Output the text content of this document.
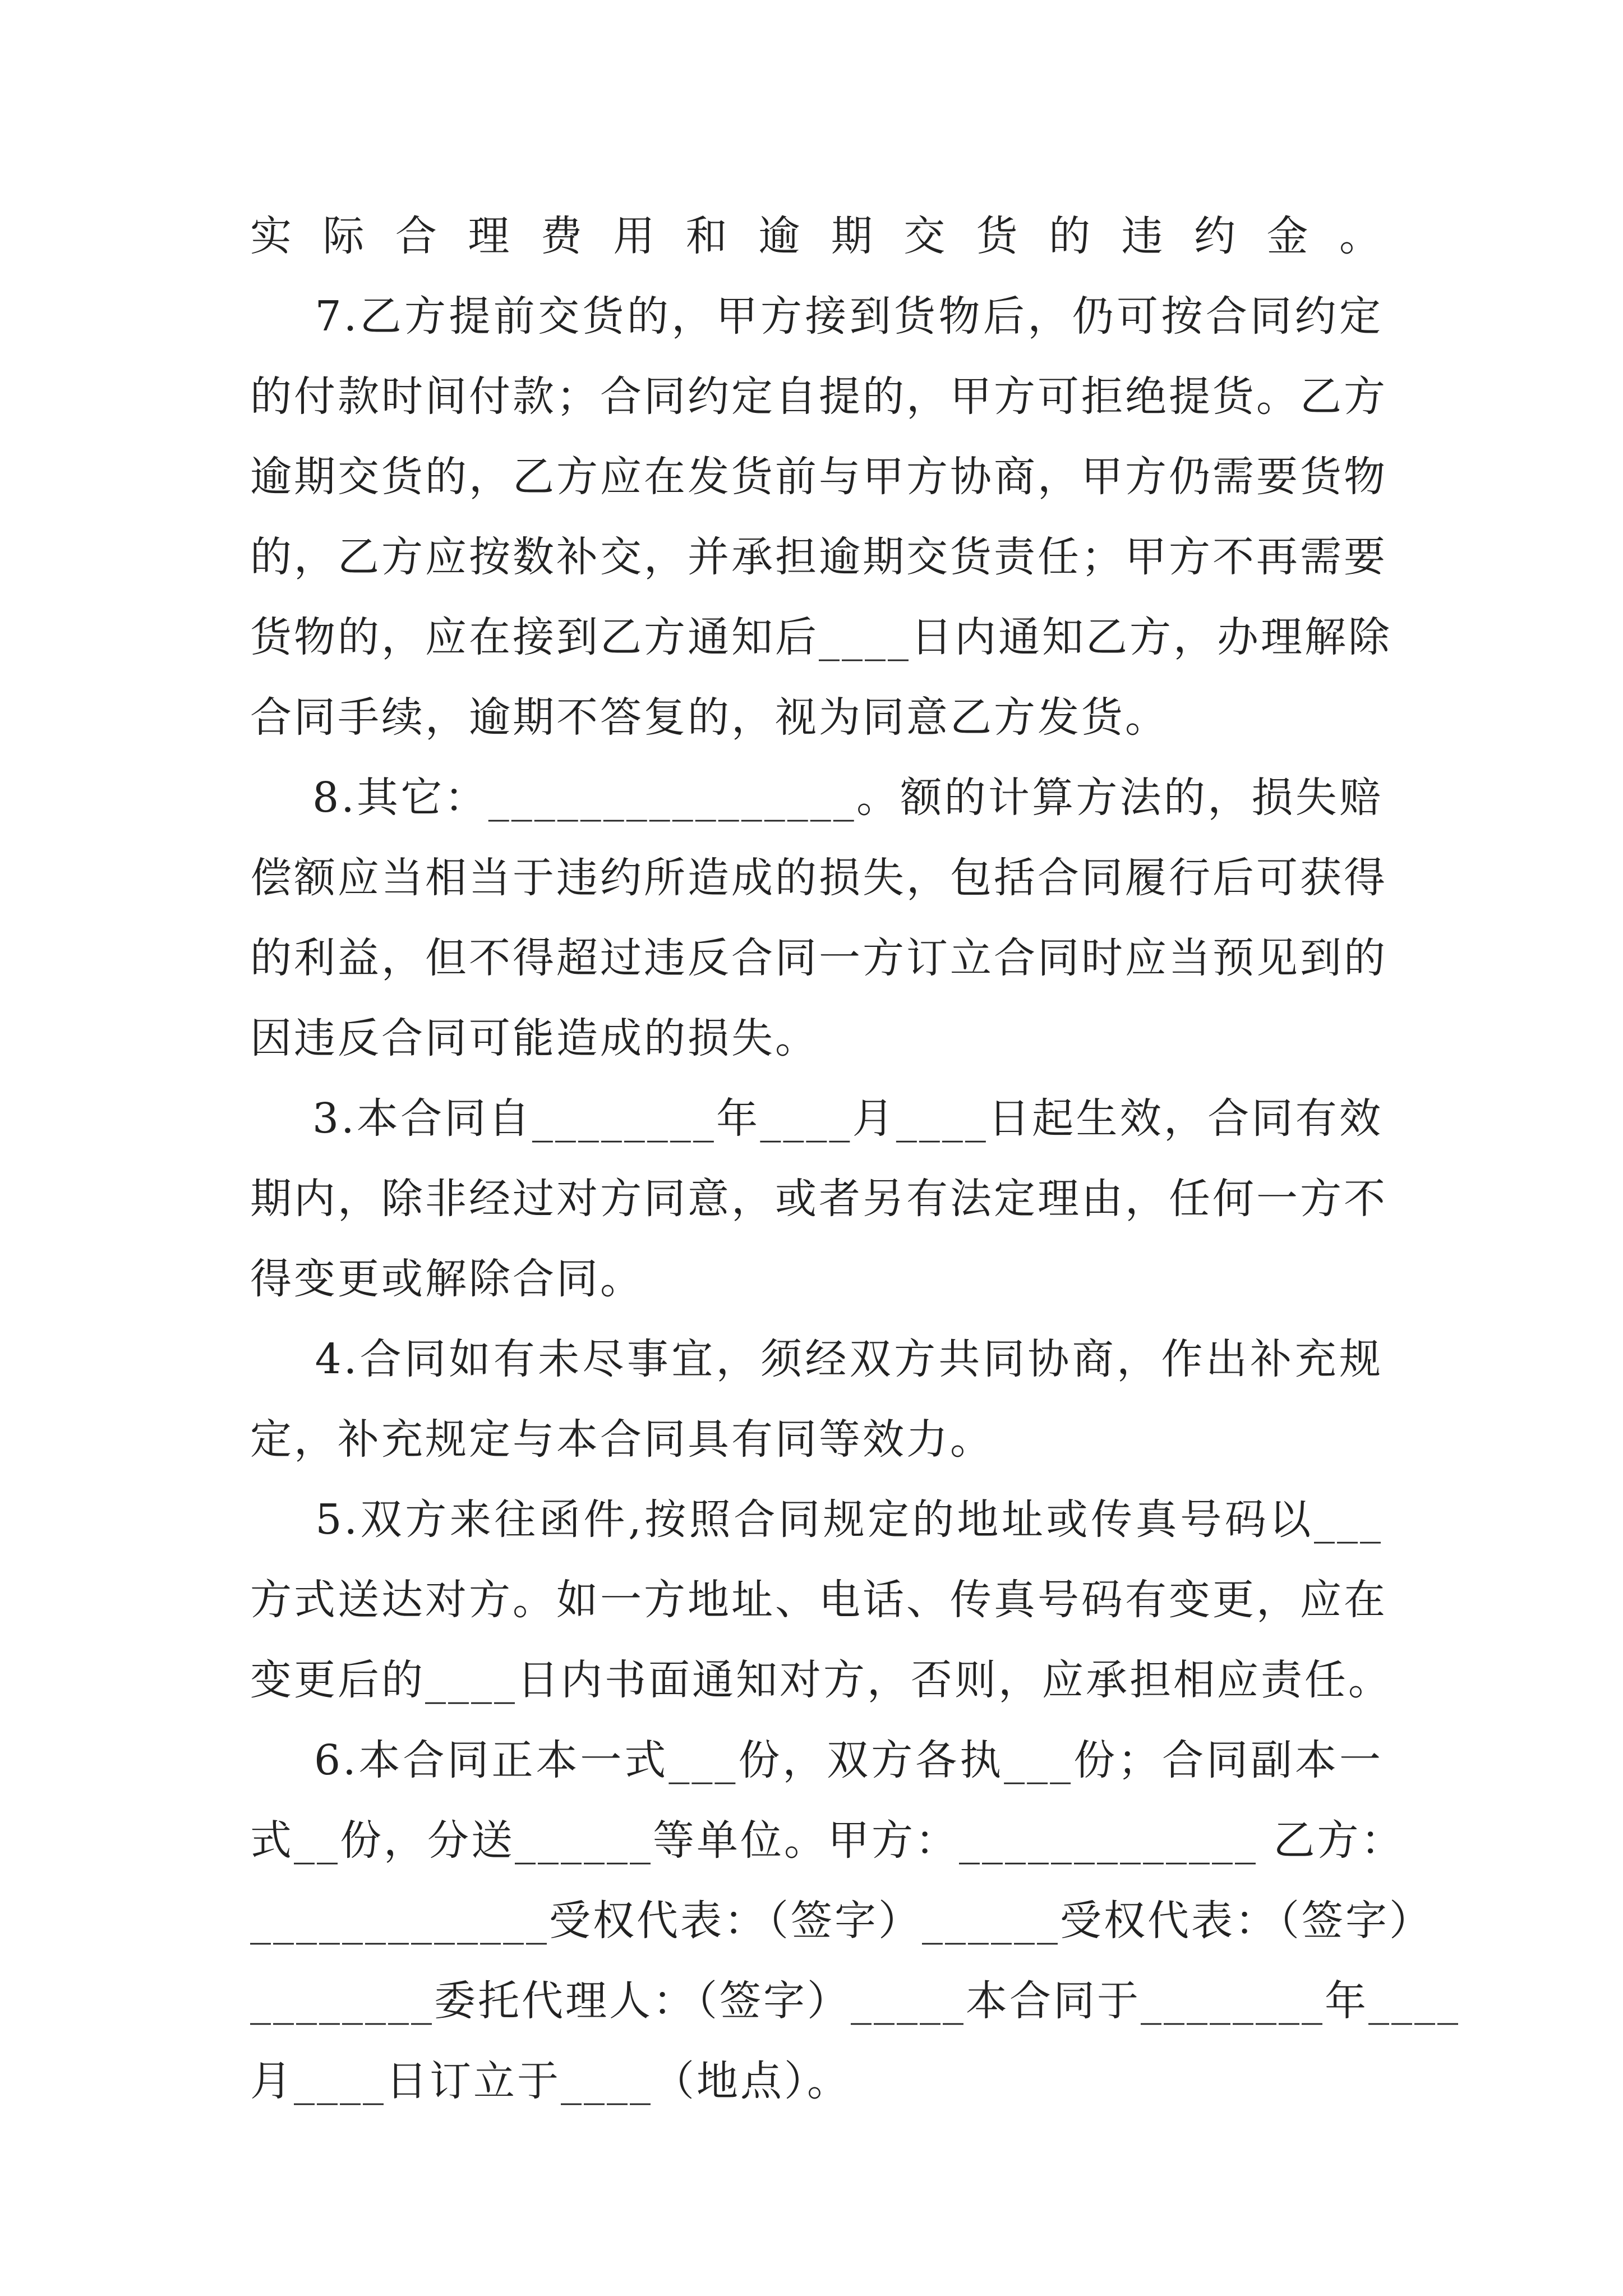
实际合理费用和逾期交货的违约金。
7.乙方提前交货的，甲方接到货物后，仍可按合同约定
的付款时间付款；合同约定自提的，甲方可拒绝提货。乙方
逾期交货的，乙方应在发货前与甲方协商，甲方仍需要货物
的，乙方应按数补交，并承担逾期交货责任；甲方不再需要
货物的，应在接到乙方通知后____日内通知乙方，办理解除
合同手续，逾期不答复的，视为同意乙方发货。
8.其它：________________。额的计算方法的，损失赔
偿额应当相当于违约所造成的损失，包括合同履行后可获得
的利益，但不得超过违反合同一方订立合同时应当预见到的
因违反合同可能造成的损失。
3.本合同自________年____月____日起生效，合同有效
期内，除非经过对方同意，或者另有法定理由，任何一方不
得变更或解除合同。
4.合同如有未尽事宜，须经双方共同协商，作出补充规
定，补充规定与本合同具有同等效力。
5.双方来往函件,按照合同规定的地址或传真号码以___
方式送达对方。如一方地址、电话、传真号码有变更，应在
变更后的____日内书面通知对方，否则，应承担相应责任。
6.本合同正本一式___份，双方各执___份；合同副本一
式__份，分送______等单位。甲方：_____________ 乙方：
_____________受权代表：（签字）______受权代表：（签字）
________委托代理人：（签字）_____本合同于________年____
月____日订立于____（地点）。
